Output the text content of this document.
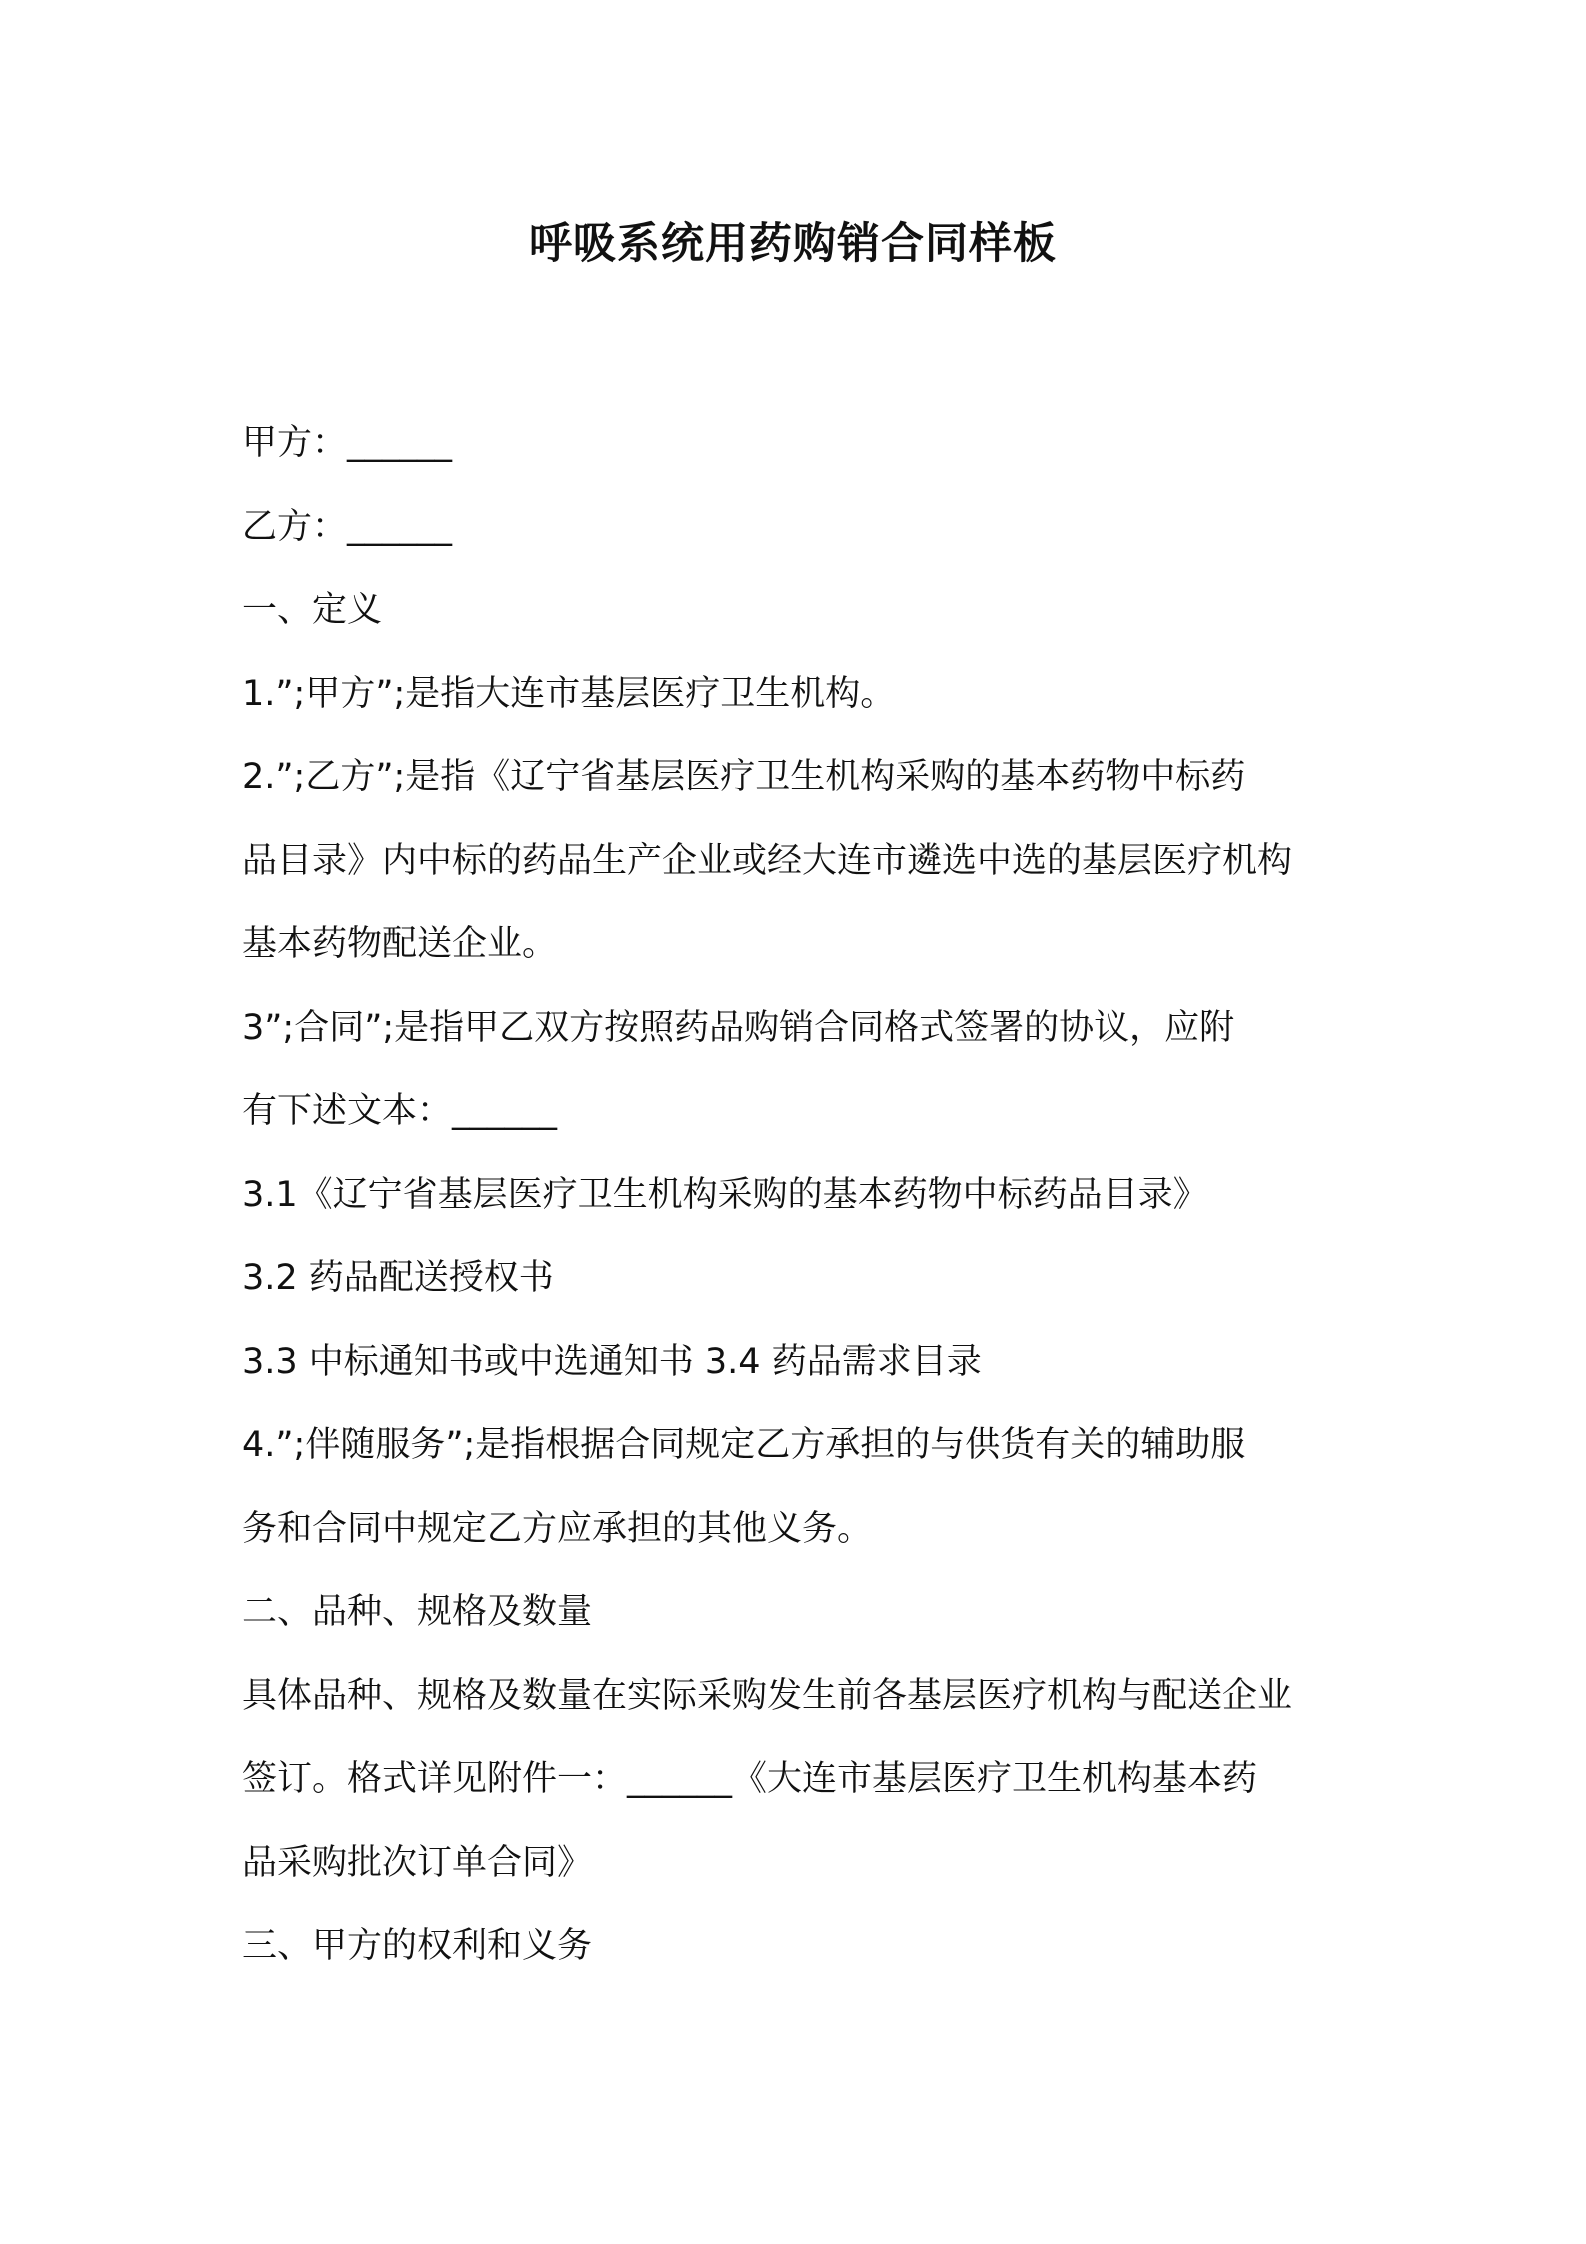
呼吸系统用药购销合同样板

甲方：______

乙方：______

一、定义

1.”;甲方”;是指大连市基层医疗卫生机构。

2.”;乙方”;是指《辽宁省基层医疗卫生机构采购的基本药物中标药

品目录》内中标的药品生产企业或经大连市遴选中选的基层医疗机构

基本药物配送企业。

3”;合同”;是指甲乙双方按照药品购销合同格式签署的协议，应附

有下述文本：______

3.1《辽宁省基层医疗卫生机构采购的基本药物中标药品目录》

3.2 药品配送授权书

3.3 中标通知书或中选通知书 3.4 药品需求目录

4.”;伴随服务”;是指根据合同规定乙方承担的与供货有关的辅助服

务和合同中规定乙方应承担的其他义务。

二、品种、规格及数量

具体品种、规格及数量在实际采购发生前各基层医疗机构与配送企业

签订。格式详见附件一：______《大连市基层医疗卫生机构基本药

品采购批次订单合同》

三、甲方的权利和义务
